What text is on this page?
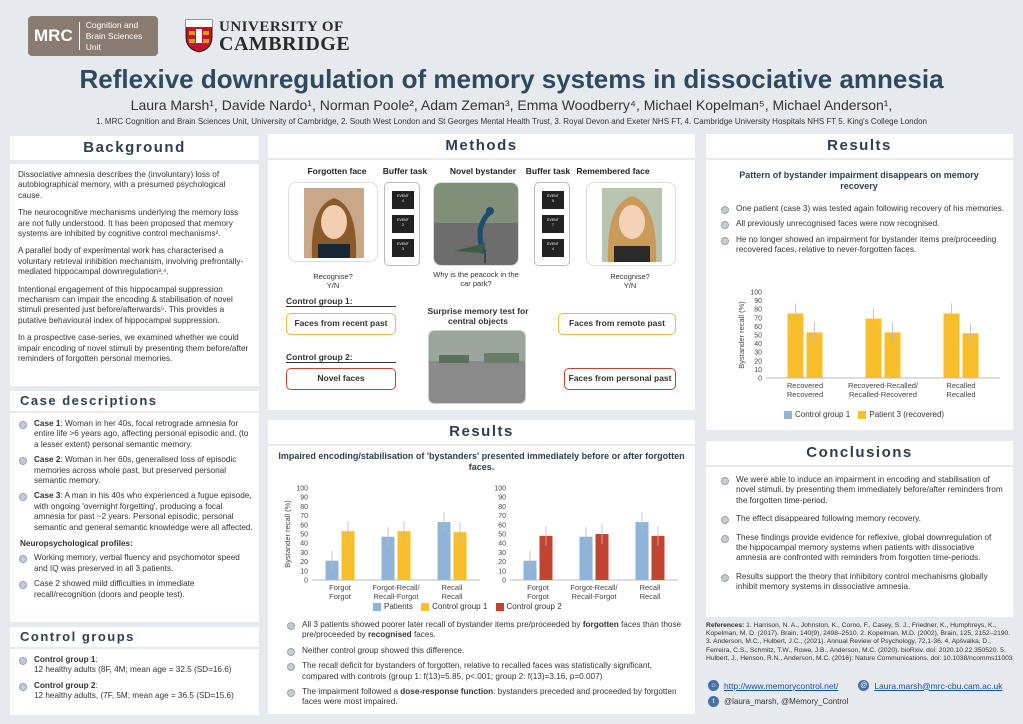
MRC
Cognition and
Brain Sciences Unit
UNIVERSITY OF
CAMBRIDGE
Reflexive downregulation of memory systems in dissociative amnesia
Laura Marsh¹, Davide Nardo¹, Norman Poole², Adam Zeman³, Emma Woodberry⁴, Michael Kopelman⁵, Michael Anderson¹,
1. MRC Cognition and Brain Sciences Unit, University of Cambridge, 2. South West London and St Georges Mental Health Trust, 3. Royal Devon and Exeter NHS FT, 4. Cambridge University Hospitals NHS FT 5. King's College London
Background

Dissociative amnesia describes the (involuntary) loss of autobiographical memory, with a presumed psychological cause.

The neurocognitive mechanisms underlying the memory loss are not fully understood. It has been proposed that memory systems are inhibited by cognitive control mechanisms².

A parallel body of experimental work has characterised a voluntary retrieval inhibition mechanism, involving prefrontally-mediated hippocampal downregulation³‚⁴.

Intentional engagement of this hippocampal suppression mechanism can impair the encoding & stabilisation of novel stimuli presented just before/afterwards⁵. This provides a putative behavioural index of hippocampal suppression.

In a prospective case-series, we examined whether we could impair encoding of novel stimuli by presenting them before/after reminders of forgotten personal memories.

Case descriptions
Case 1: Woman in her 40s, focal retrograde amnesia for entire life >6 years ago, affecting personal episodic and. (to a lesser extent) personal semantic memory.
Case 2: Woman in her 60s, generalised loss of episodic memories across whole past, but preserved personal semantic memory.
Case 3: A man in his 40s who experienced a fugue episode, with ongoing 'overnight forgetting', producing a focal amnesia for past ~2 years. Personal episodic, personal semantic and general semantic knowledge were all affected.
Neuropsychological profiles:
Working memory, verbal fluency and psychomotor speed and IQ was preserved in all 3 patients.
Case 2 showed mild difficulties in immediate recall/recognition (doors and people test).
Control groups
Control group 1:
12 healthy adults (8F, 4M; mean age = 32.5 (SD=16.6)
Control group 2:
12 healthy adults, (7F, 5M; mean age = 36.5 (SD=15.6)
Methods
Forgotten face	Buffer task	Novel bystander	Buffer task Remembered face
EVENT
4
EVENT
2
EVENT
3
EVENT
5
EVENT
7
EVENT
4
Recognise?
Y/N
Why is the peacock in the car park?
Recognise?
Y/N
Control group 1:
Faces from recent past	Faces from remote past
Control group 2:
Novel faces	Faces from personal past
Surprise memory test for central objects
Results
Impaired encoding/stabilisation of 'bystanders' presented immediately before or after forgotten faces.
Bystander recall (%)
0
10
20
30
40
50
60
70
80
90
100
Forgot
Forgot
Forgot-Recall/
Recall-Forgot
Recall
Recall
0
10
20
30
40
50
60
70
80
90
100
Forgot
Forgot
Forgot-Recall/
Recall-Forgot
Recall
Recall
Patients Control group 1 Control group 2
All 3 patients showed poorer later recall of bystander items pre/proceeded by forgotten faces than those pre/proceeded by recognised faces.
Neither control group showed this difference.
The recall deficit for bystanders of forgotten, relative to recalled faces was statistically significant, compared with controls (group 1: f(13)=5.85, p<.001; group 2: f(13)=3.16, p=0.007)
The impairment followed a dose-response function: bystanders preceded and proceeded by forgotten faces were most impaired.
Results
Pattern of bystander impairment disappears on memory recovery
One patient (case 3) was tested again following recovery of his memories.
All previously unrecognised faces were now recognised.
He no longer showed an impairment for bystander items pre/proceeding recovered faces, relative to never-forgotten faces.
Bystander recall (%)
0
10
20
30
40
50
60
70
80
90
100
Recovered
Recovered
Recovered-Recalled/
Recalled-Recovered
Recalled
Recalled
Control group 1 Patient 3 (recovered)
Conclusions
We were able to induce an impairment in encoding and stabilisation of novel stimuli, by presenting them immediately before/after reminders from the forgotten time-period.
The effect disappeared following memory recovery.
These findings provide evidence for reflexive, global downregulation of the hippocampal memory systems when patients with dissociative amnesia are confronted with reminders from forgotten time-periods.
Results support the theory that inhibitory control mechanisms globally inhibit memory systems in dissociative amnesia.
References: 1. Harrison, N. A., Johnston, K., Corno, F., Casey, S. J., Friedner, K., Humphreys, K., Kopelman, M. D. (2017). Brain, 140(9), 2498–2510. 2. Kopelman, M.D. (2002), Brain, 125, 2152–2190. 3. Anderson, M.C., Hulbert, J.C., (2021). Annual Review of Psychology, 72,1-36. 4. Apšvalka, D., Ferreira, C.S., Schmitz, T.W., Rowe, J.B., Anderson, M.C. (2020). bioRxiv. doi: 2020.10.22.350520. 5. Hulbert, J., Henson, R.N., Anderson, M.C. (2016): Nature Communications. doi: 10.1038/ncomms11003
⌂ http://www.memorycontrol.net/	@ Laura.marsh@mrc-cbu.cam.ac.uk
t	@laura_marsh, @Memory_Control
